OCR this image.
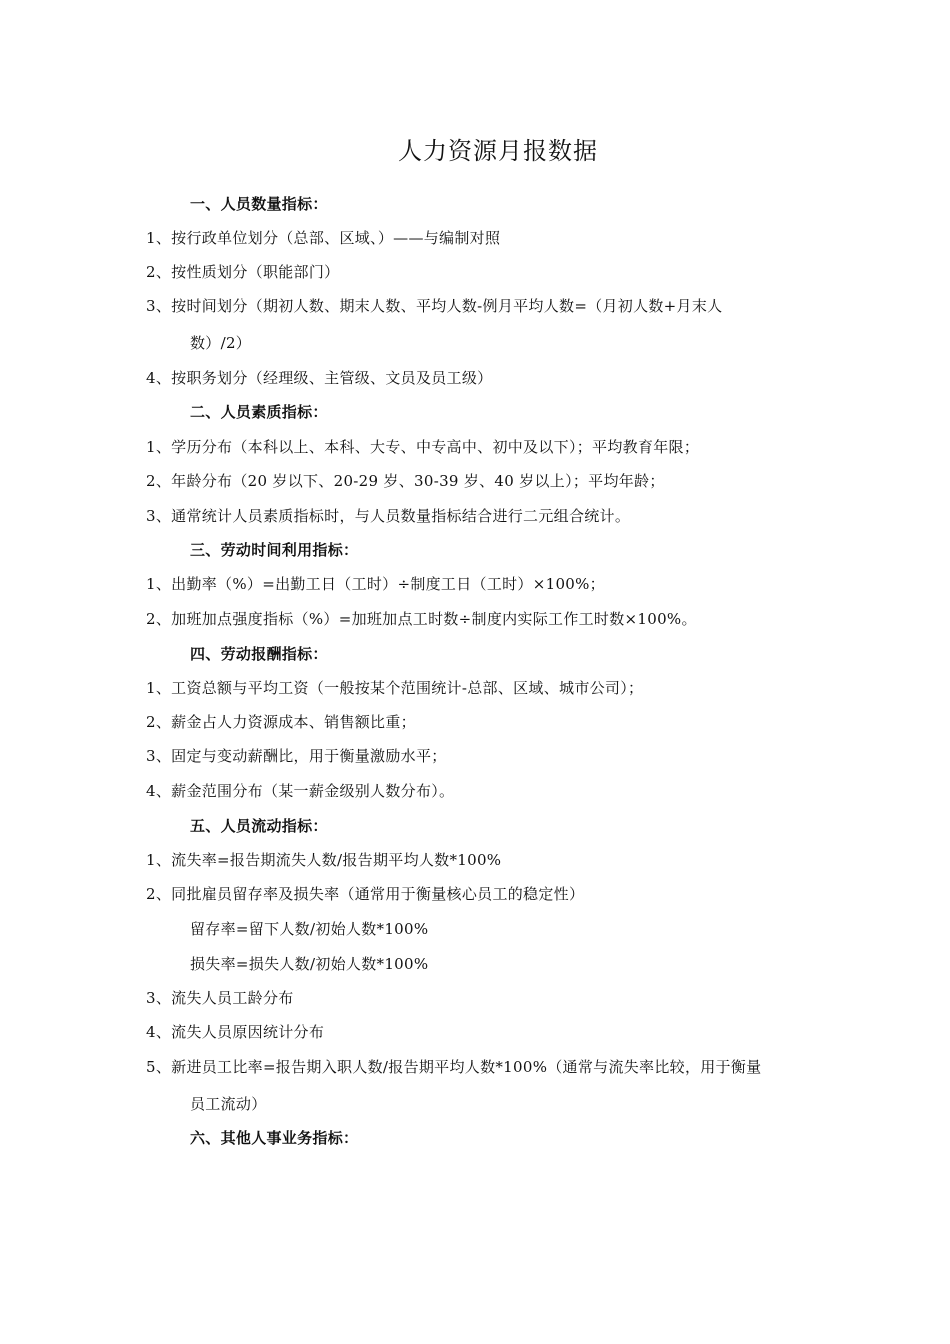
人力资源月报数据
一、人员数量指标：
1、按行政单位划分（总部、区域、）——与编制对照
2、按性质划分（职能部门）
3、按时间划分（期初人数、期末人数、平均人数-例月平均人数=（月初人数+月末人
数）/2）
4、按职务划分（经理级、主管级、文员及员工级）
二、人员素质指标：
1、学历分布（本科以上、本科、大专、中专高中、初中及以下）；平均教育年限；
2、年龄分布（20 岁以下、20-29 岁、30-39 岁、40 岁以上）；平均年龄；
3、通常统计人员素质指标时，与人员数量指标结合进行二元组合统计。
三、劳动时间利用指标：
1、出勤率（%）=出勤工日（工时）÷制度工日（工时）×100%；
2、加班加点强度指标（%）=加班加点工时数÷制度内实际工作工时数×100%。
四、劳动报酬指标：
1、工资总额与平均工资（一般按某个范围统计-总部、区域、城市公司）；
2、薪金占人力资源成本、销售额比重；
3、固定与变动薪酬比，用于衡量激励水平；
4、薪金范围分布（某一薪金级别人数分布）。
五、人员流动指标：
1、流失率=报告期流失人数/报告期平均人数*100%
2、同批雇员留存率及损失率（通常用于衡量核心员工的稳定性）
留存率=留下人数/初始人数*100%
损失率=损失人数/初始人数*100%
3、流失人员工龄分布
4、流失人员原因统计分布
5、新进员工比率=报告期入职人数/报告期平均人数*100%（通常与流失率比较，用于衡量
员工流动）
六、其他人事业务指标：
